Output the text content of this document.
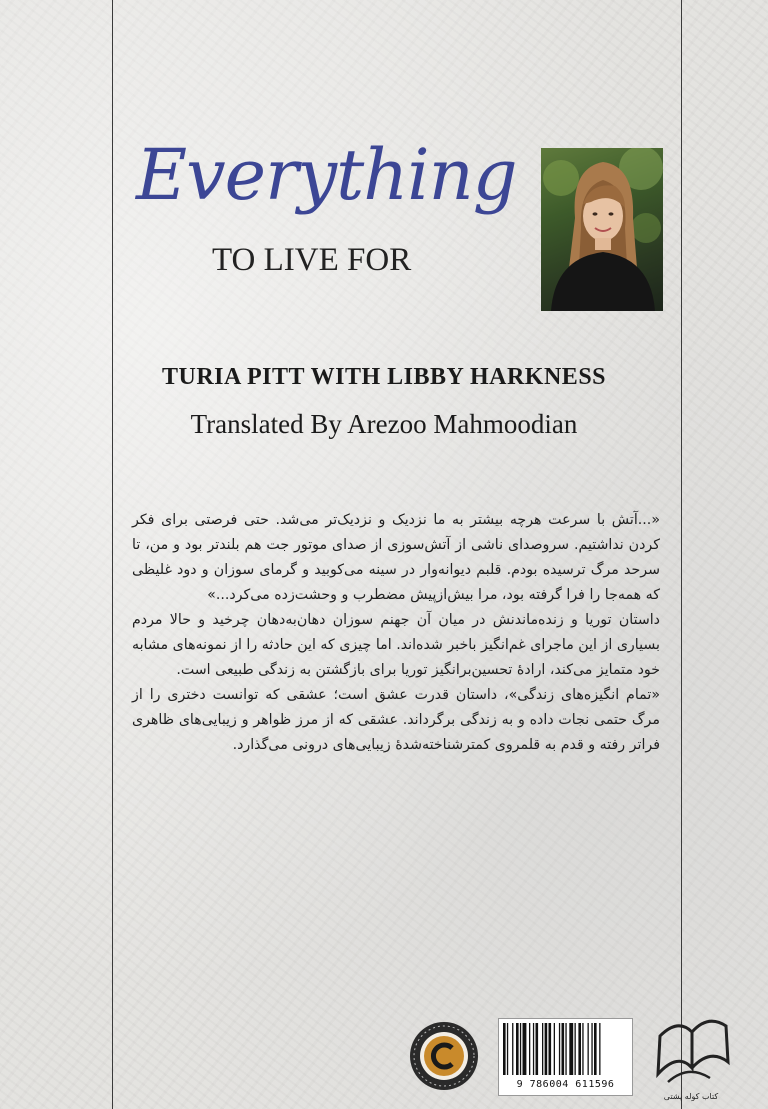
Everything
TO LIVE FOR
TURIA PITT WITH LIBBY HARKNESS
Translated By Arezoo Mahmoodian

«...آتش با سرعت هرچه بیشتر به ما نزدیک و نزدیک‌تر می‌شد. حتی فرصتی برای فکر کردن نداشتیم. سروصدای ناشی از آتش‌سوزی از صدای موتور جت هم بلندتر بود و من، تا سرحد مرگ ترسیده بودم. قلبم دیوانه‌وار در سینه می‌کوبید و گرمای سوزان و دود غلیظی که همه‌جا را فرا گرفته بود، مرا بیش‌ازپیش مضطرب و وحشت‌زده می‌کرد...»

داستان توریا و زنده‌ماندنش در میان آن جهنم سوزان دهان‌به‌دهان چرخید و حالا مردم بسیاری از این ماجرای غم‌انگیز باخبر شده‌اند. اما چیزی که این حادثه را از نمونه‌های مشابه خود متمایز می‌کند، ارادهٔ تحسین‌برانگیز توریا برای بازگشتن به زندگی طبیعی است.

«تمام انگیزه‌های زندگی»، داستان قدرت عشق است؛ عشقی که توانست دختری را از مرگ حتمی نجات داده و به زندگی برگرداند. عشقی که از مرز ظواهر و زیبایی‌های ظاهری فراتر رفته و قدم به قلمروی کمترشناخته‌شدهٔ زیبایی‌های درونی می‌گذارد.

9 786004 611596
کتاب کوله پشتی
